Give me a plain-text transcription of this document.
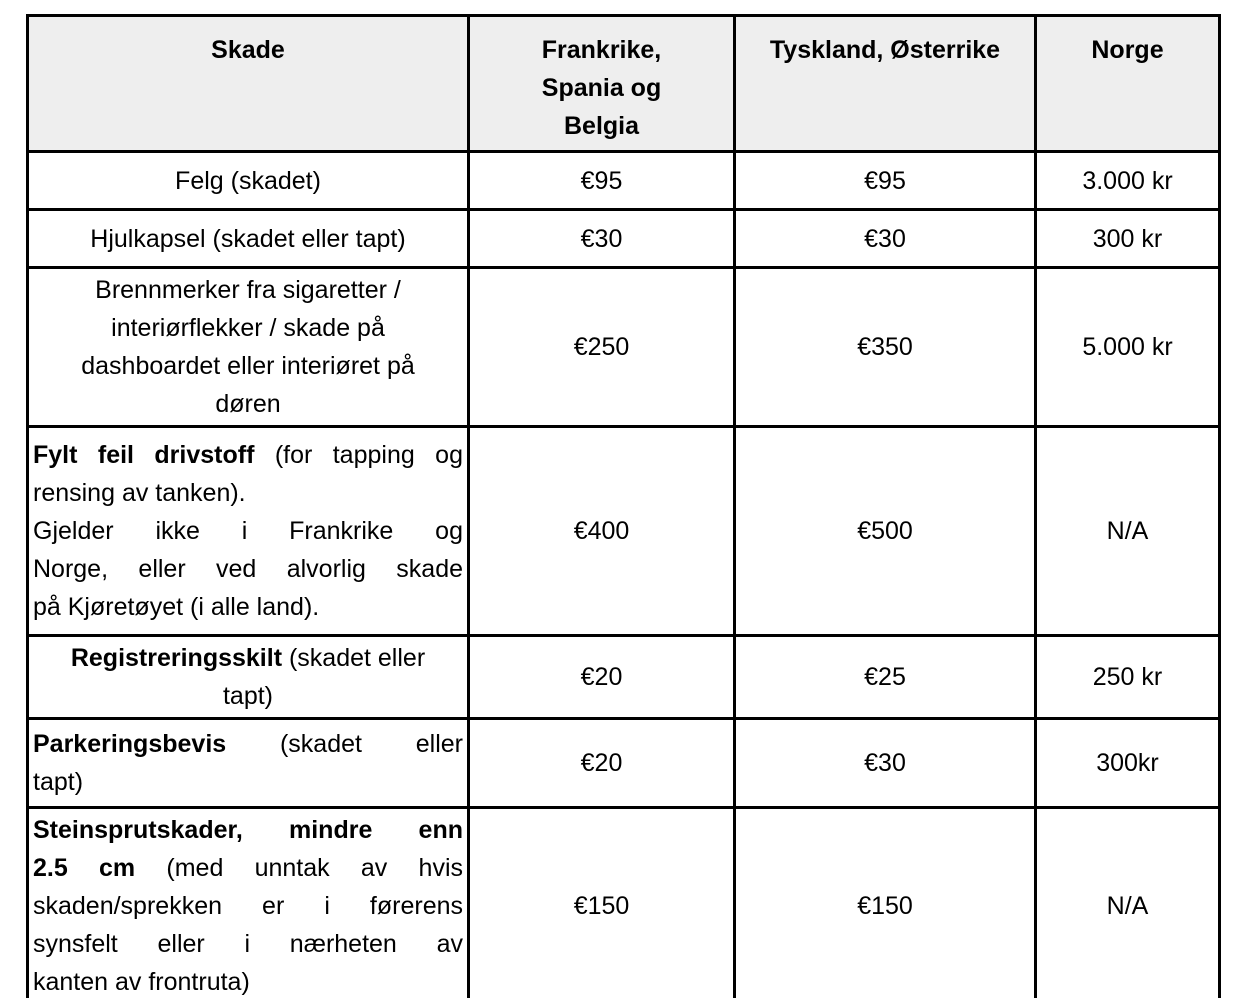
Skade	Frankrike,
Spania og
Belgia	Tyskland, Østerrike	Norge

Felg (skadet)	€95	€95	3.000 kr

Hjulkapsel (skadet eller tapt)	€30	€30	300 kr

Brennmerker fra sigaretter /
interiørflekker / skade på
dashboardet eller interiøret på
døren	€250	€350	5.000 kr

Fylt feil drivstoff (for tapping og
rensing av tanken).
Gjelder ikke i Frankrike og
Norge, eller ved alvorlig skade
på Kjøretøyet (i alle land).	€400	€500	N/A

Registreringsskilt (skadet eller
tapt)	€20	€25	250 kr

Parkeringsbevis (skadet eller
tapt)	€20	€30	300kr

Steinsprutskader, mindre enn
2.5 cm (med unntak av hvis
skaden/sprekken er i førerens
synsfelt eller i nærheten av
kanten av frontruta)	€150	€150	N/A
